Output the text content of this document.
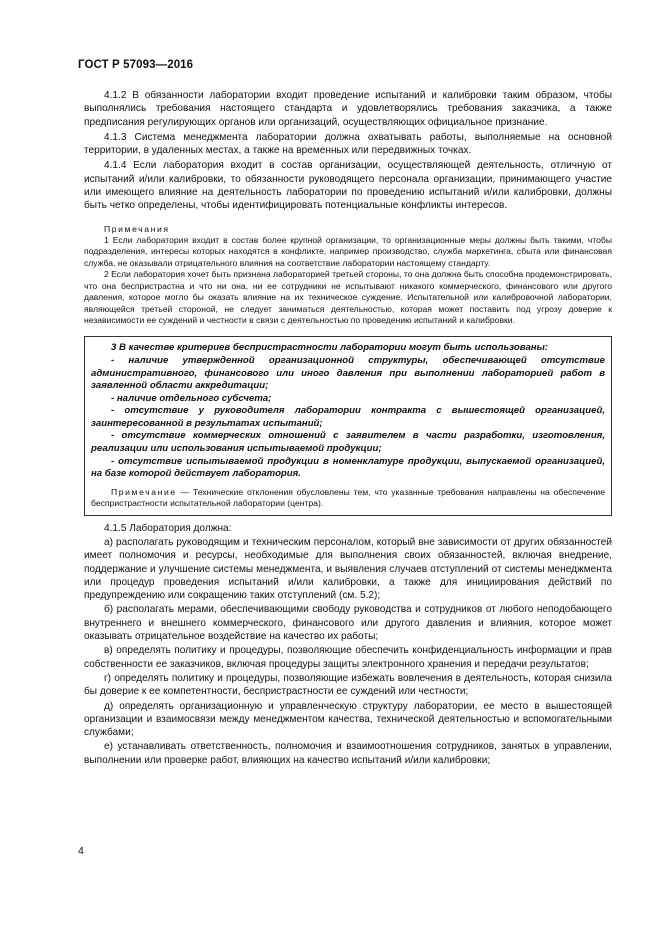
ГОСТ Р 57093—2016

4.1.2 В обязанности лаборатории входит проведение испытаний и калибровки таким образом, чтобы выполнялись требования настоящего стандарта и удовлетворялись требования заказчика, а также предписания регулирующих органов или организаций, осуществляющих официальное признание.

4.1.3 Система менеджмента лаборатории должна охватывать работы, выполняемые на основной территории, в удаленных местах, а также на временных или передвижных точках.

4.1.4 Если лаборатория входит в состав организации, осуществляющей деятельность, отличную от испытаний и/или калибровки, то обязанности руководящего персонала организации, принимающего участие или имеющего влияние на деятельность лаборатории по проведению испытаний и/или калибровки, должны быть четко определены, чтобы идентифицировать потенциальные конфликты интересов.

Примечания

1 Если лаборатория входит в состав более крупной организации, то организационные меры должны быть такими, чтобы подразделения, интересы которых находятся в конфликте, например производство, служба маркетинга, сбыта или финансовая служба, не оказывали отрицательного влияния на соответствие лаборатории настоящему стандарту.

2 Если лаборатория хочет быть признана лабораторией третьей стороны, то она должна быть способна продемонстрировать, что она беспристрастна и что ни она, ни ее сотрудники не испытывают никакого коммерческого, финансового или другого давления, которое могло бы оказать влияние на их техническое суждение. Испытательной или калибровочной лаборатории, являющейся третьей стороной, не следует заниматься деятельностью, которая может поставить под угрозу доверие к независимости ее суждений и честности в связи с деятельностью по проведению испытаний и калибровки.

3 В качестве критериев беспристрастности лаборатории могут быть использованы:

- наличие утвержденной организационной структуры, обеспечивающей отсутствие административного, финансового или иного давления при выполнении лабораторией работ в заявленной области аккредитации;

- наличие отдельного субсчета;

- отсутствие у руководителя лаборатории контракта с вышестоящей организацией, заинтересованной в результатах испытаний;

- отсутствие коммерческих отношений с заявителем в части разработки, изготовления, реализации или использования испытываемой продукции;

- отсутствие испытываемой продукции в номенклатуре продукции, выпускаемой организацией, на базе которой действует лаборатория.

Примечание — Технические отклонения обусловлены тем, что указанные требования направлены на обеспечение беспристрастности испытательной лаборатории (центра).

4.1.5 Лаборатория должна:

а) располагать руководящим и техническим персоналом, который вне зависимости от других обязанностей имеет полномочия и ресурсы, необходимые для выполнения своих обязанностей, включая внедрение, поддержание и улучшение системы менеджмента, и выявления случаев отступлений от системы менеджмента или процедур проведения испытаний и/или калибровки, а также для инициирования действий по предупреждению или сокращению таких отступлений (см. 5.2);

б) располагать мерами, обеспечивающими свободу руководства и сотрудников от любого неподобающего внутреннего и внешнего коммерческого, финансового или другого давления и влияния, которое может оказывать отрицательное воздействие на качество их работы;

в) определять политику и процедуры, позволяющие обеспечить конфиденциальность информации и прав собственности ее заказчиков, включая процедуры защиты электронного хранения и передачи результатов;

г) определять политику и процедуры, позволяющие избежать вовлечения в деятельность, которая снизила бы доверие к ее компетентности, беспристрастности ее суждений или честности;

д) определять организационную и управленческую структуру лаборатории, ее место в вышестоящей организации и взаимосвязи между менеджментом качества, технической деятельностью и вспомогательными службами;

е) устанавливать ответственность, полномочия и взаимоотношения сотрудников, занятых в управлении, выполнении или проверке работ, влияющих на качество испытаний и/или калибровки;

4
